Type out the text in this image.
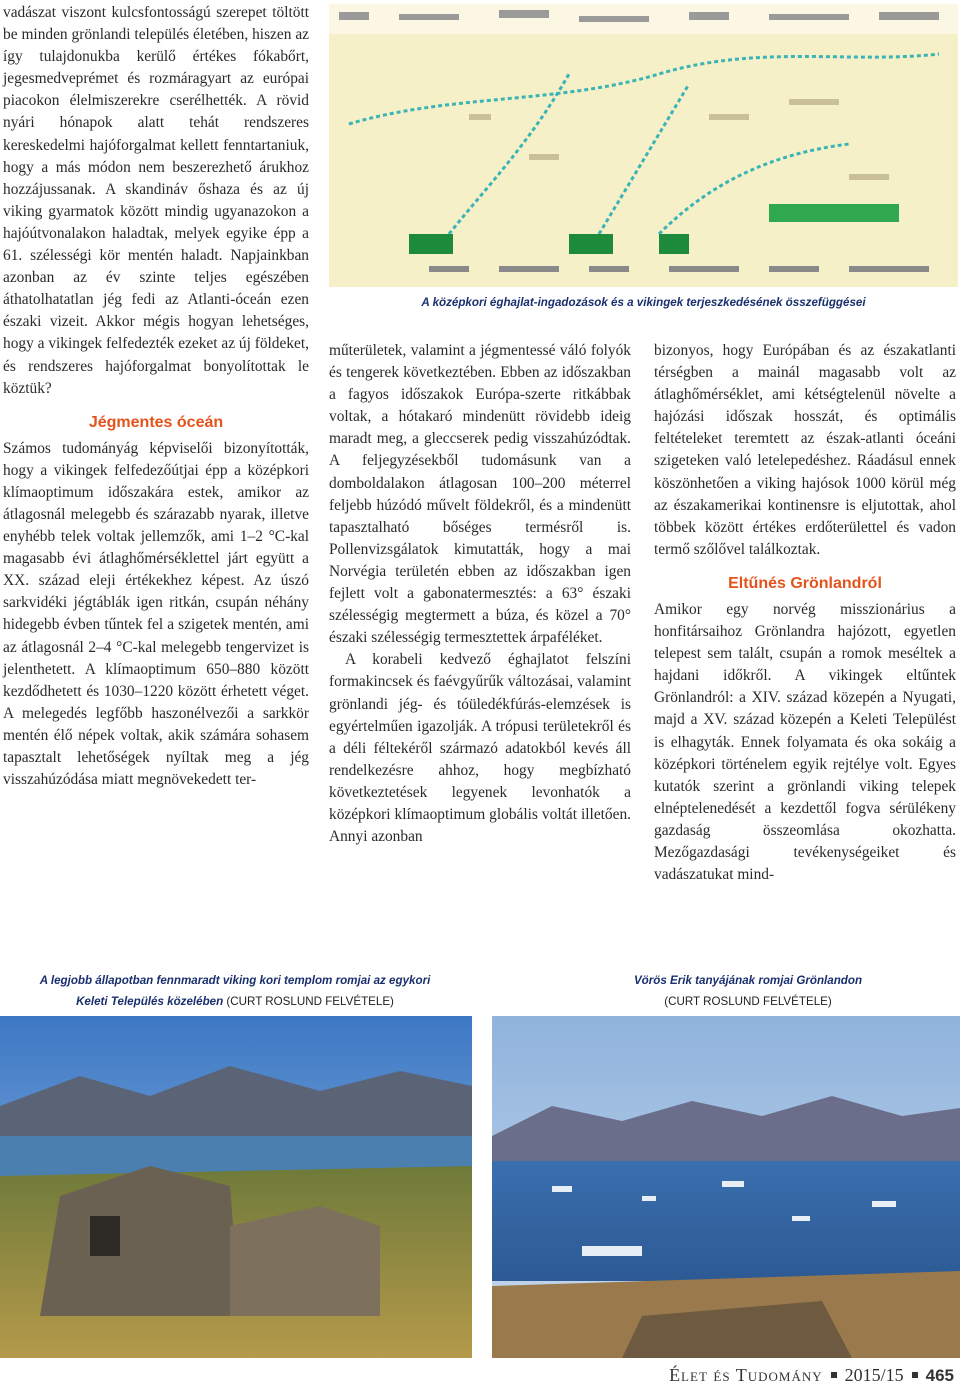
vadászat viszont kulcsfontosságú szerepet töltött be minden grönlandi település életében, hiszen az így tulajdonukba kerülő értékes fókabőrt, jegesmedveprémet és rozmáragyart az európai piacokon élelmiszerekre cserélhették. A rövid nyári hónapok alatt tehát rendszeres kereskedelmi hajóforgalmat kellett fenntartaniuk, hogy a más módon nem beszerezhető árukhoz hozzájussanak. A skandináv őshaza és az új viking gyarmatok között mindig ugyanazokon a hajóútvonalakon haladtak, melyek egyike épp a 61. szélességi kör mentén haladt. Napjainkban azonban az év szinte teljes egészében áthatolhatatlan jég fedi az Atlanti-óceán ezen északi vizeit. Akkor mégis hogyan lehetséges, hogy a vikingek felfedezték ezeket az új földeket, és rendszeres hajóforgalmat bonyolítottak le köztük?

Jégmentes óceán

Számos tudományág képviselői bizonyították, hogy a vikingek felfedezőútjai épp a középkori klímaoptimum időszakára estek, amikor az átlagosnál melegebb és szárazabb nyarak, illetve enyhébb telek voltak jellemzők, ami 1–2 °C-kal magasabb évi átlaghőmérséklettel járt együtt a XX. század eleji értékekhez képest. Az úszó sarkvidéki jégtáblák igen ritkán, csupán néhány hidegebb évben tűntek fel a szigetek mentén, ami az átlagosnál 2–4 °C-kal melegebb tengervizet is jelenthetett. A klímaoptimum 650–880 között kezdődhetett és 1030–1220 között érhetett véget. A melegedés legfőbb haszonélvezői a sarkkör mentén élő népek voltak, akik számára sohasem tapasztalt lehetőségek nyíltak meg a jég visszahúzódása miatt megnövekedett ter-

A középkori éghajlat-ingadozások és a vikingek terjeszkedésének összefüggései

műterületek, valamint a jégmentessé váló folyók és tengerek következtében. Ebben az időszakban a fagyos időszakok Európa-szerte ritkábbak voltak, a hótakaró mindenütt rövidebb ideig maradt meg, a gleccserek pedig visszahúzódtak. A feljegyzésekből tudomásunk van a domboldalakon átlagosan 100–200 méterrel feljebb húzódó művelt földekről, és a mindenütt tapasztalható bőséges termésről is. Pollenvizsgálatok kimutatták, hogy a mai Norvégia területén ebben az időszakban igen fejlett volt a gabonatermesztés: a 63° északi szélességig megtermett a búza, és közel a 70° északi szélességig termesztettek árpaféléket.

A korabeli kedvező éghajlatot felszíni formakincsek és faévgyűrűk változásai, valamint grönlandi jég- és tóüledékfúrás-elemzések is egyértelműen igazolják. A trópusi területekről és a déli féltekéről származó adatokból kevés áll rendelkezésre ahhoz, hogy megbízható következtetések legyenek levonhatók a középkori klímaoptimum globális voltát illetően. Annyi azonban

bizonyos, hogy Európában és az északatlanti térségben a mainál magasabb volt az átlaghőmérséklet, ami kétségtelenül növelte a hajózási időszak hosszát, és optimális feltételeket teremtett az észak-atlanti óceáni szigeteken való letelepedéshez. Ráadásul ennek köszönhetően a viking hajósok 1000 körül még az északamerikai kontinensre is eljutottak, ahol többek között értékes erdőterülettel és vadon termő szőlővel találkoztak.

Eltűnés Grönlandról

Amikor egy norvég misszionárius a honfitársaihoz Grönlandra hajózott, egyetlen telepest sem talált, csupán a romok meséltek a hajdani időkről. A vikingek eltűntek Grönlandról: a XIV. század közepén a Nyugati, majd a XV. század közepén a Keleti Települést is elhagyták. Ennek folyamata és oka sokáig a középkori történelem egyik rejtélye volt. Egyes kutatók szerint a grönlandi viking telepek elnéptelenedését a kezdettől fogva sérülékeny gazdaság összeomlása okozhatta. Mezőgazdasági tevékenységeiket és vadászatukat mind-

A legjobb állapotban fennmaradt viking kori templom romjai az egykori
Keleti Település közelében (CURT ROSLUND FELVÉTELE)
Vörös Erik tanyájának romjai Grönlandon
(CURT ROSLUND FELVÉTELE)
Élet és Tudomány 2015/15 465
